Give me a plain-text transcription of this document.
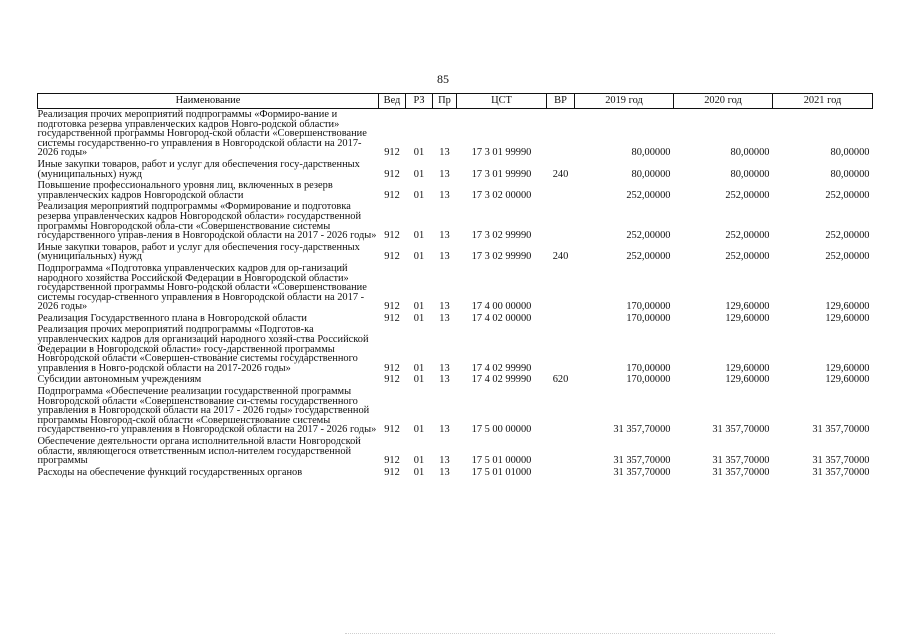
85
Наименование	Вед	РЗ	Пр	ЦСТ	ВР	2019 год	2020 год	2021 год
Реализация прочих мероприятий подпрограммы «Формиро-вание и подготовка резерва управленческих кадров Новго-родской области» государственной программы Новгород-ской области «Совершенствование системы государственно-го управления в Новгородской области на 2017-2026 годы»	912	01	13	17 3 01 99990		80,00000	80,00000	80,00000
Иные закупки товаров, работ и услуг для обеспечения госу-дарственных (муниципальных) нужд	912	01	13	17 3 01 99990	240	80,00000	80,00000	80,00000
Повышение профессионального уровня лиц, включенных в резерв управленческих кадров Новгородской области	912	01	13	17 3 02 00000		252,00000	252,00000	252,00000
Реализация мероприятий подпрограммы «Формирование и подготовка резерва управленческих кадров Новгородской области» государственной программы Новгородской обла-сти «Совершенствование системы государственного управ-ления в Новгородской области на 2017 - 2026 годы»	912	01	13	17 3 02 99990		252,00000	252,00000	252,00000
Иные закупки товаров, работ и услуг для обеспечения госу-дарственных (муниципальных) нужд	912	01	13	17 3 02 99990	240	252,00000	252,00000	252,00000
Подпрограмма «Подготовка управленческих кадров для ор-ганизаций народного хозяйства Российской Федерации в Новгородской области» государственной программы Новго-родской области «Совершенствование системы государ-ственного управления в Новгородской области на 2017 - 2026 годы»	912	01	13	17 4 00 00000		170,00000	129,60000	129,60000
Реализация Государственного плана в Новгородской области	912	01	13	17 4 02 00000		170,00000	129,60000	129,60000
Реализация прочих мероприятий подпрограммы «Подготов-ка управленческих кадров для организаций народного хозяй-ства Российской Федерации в Новгородской области» госу-дарственной программы Новгородской области «Совершен-ствование системы государственного управления в Новго-родской области на 2017-2026 годы»	912	01	13	17 4 02 99990		170,00000	129,60000	129,60000
Субсидии автономным учреждениям	912	01	13	17 4 02 99990	620	170,00000	129,60000	129,60000
Подпрограмма «Обеспечение реализации государственной программы Новгородской области «Совершенствование си-стемы государственного управления в Новгородской области на 2017 - 2026 годы» государственной программы Новгород-ской области «Совершенствование системы государственно-го управления в Новгородской области на 2017 - 2026 годы»	912	01	13	17 5 00 00000		31 357,70000	31 357,70000	31 357,70000
Обеспечение деятельности органа исполнительной власти Новгородской области, являющегося ответственным испол-нителем государственной программы	912	01	13	17 5 01 00000		31 357,70000	31 357,70000	31 357,70000
Расходы на обеспечение функций государственных органов	912	01	13	17 5 01 01000		31 357,70000	31 357,70000	31 357,70000
